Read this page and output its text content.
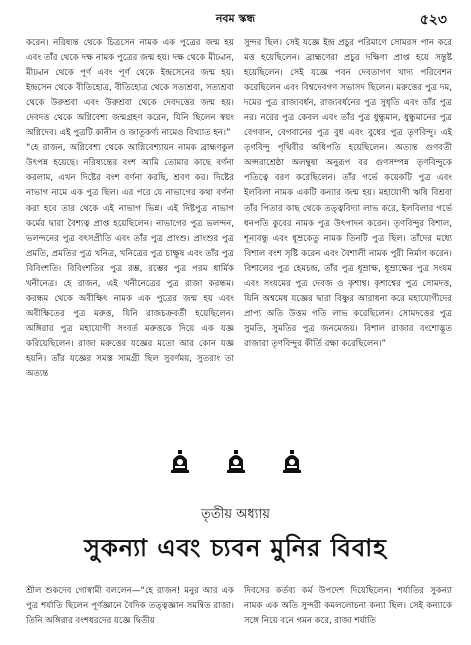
নবম স্কন্ধ	৫২৩

করেন। নরিষ্যন্ত থেকে চিত্রসেন নামক এক পুত্রের জন্ম হয় এবং তাঁর থেকে দক্ষ নামক পুত্রের জন্ম হয়। দক্ষ থেকে মীঢ্বান, মীঢ্বান থেকে পূর্ণ এবং পূর্ণ থেকে ইন্দ্রসেনের জন্ম হয়। ইন্দ্রসেন থেকে বীতিহোত্র, বীতিহোত্র থেকে সত্যশ্রবা, সত্যশ্রবা থেকে উরুশ্রবা এবং উরুশ্রবা থেকে দেবদত্তের জন্ম হয়। দেবদত্ত থেকে অগ্নিবেশ্য জন্মগ্রহণ করেন, যিনি ছিলেন স্বয়ং অগ্নিদেব। এই পুত্রটি কানীন ও জাতূকর্ণ্য নামেও বিখ্যাত হন।”

“হে রাজন, অগ্নিবেশ্য থেকে আগ্নিবেশ্যায়ন নামক ব্রাহ্মণকুল উৎপন্ন হয়েছে। নরিষ্যন্তের বংশ আমি তোমার কাছে বর্ণনা করলাম, এখন দিষ্টের বংশ বর্ণনা করছি, শ্রবণ কর। দিষ্টের নাভাগ নামে এক পুত্র ছিল। এর পরে যে নাভাগের কথা বর্ণনা করা হবে তার থেকে এই নাভাগ ভিন্ন। এই দিষ্টপুত্র নাভাগ কর্মের দ্বারা বৈশ্যত্ব প্রাপ্ত হয়েছিলেন। নাভাগের পুত্র ভলন্দন, ভলন্দনের পুত্র বৎসপ্রীতি এবং তাঁর পুত্র প্রাংশু। প্রাংশুর পুত্র প্রমতি, প্রমতির পুত্র খনিত্র, খনিত্রের পুত্র চাক্ষুষ এবং তাঁর পুত্র বিবিংশতি। বিবিংশতির পুত্র রম্ভ, রম্ভের পুত্র পরম ধার্মিক খনীনেত্র। হে রাজন, এই খনীনেত্রের পুত্র রাজা করন্ধম। করন্ধম থেকে অবীক্ষিৎ নামক এক পুত্রের জন্ম হয় এবং অবীক্ষিতের পুত্র মরুত্ত, যিনি রাজচক্রবর্তী হয়েছিলেন। অঙ্গিরার পুত্র মহাযোগী সংবর্ত মরুত্তকে দিয়ে এক যজ্ঞ করিয়েছিলেন। রাজা মরুত্তের যজ্ঞের মতো আর কোন যজ্ঞ হয়নি। তাঁর যজ্ঞের সমস্ত সামগ্রী ছিল সুবর্ণময়, সুতরাং তা অত্যন্ত

সুন্দর ছিল। সেই যজ্ঞে ইন্দ্র প্রচুর পরিমাণে সোমরস পান করে মত্ত হয়েছিলেন। ব্রাহ্মণেরা প্রচুর দক্ষিণা প্রাপ্ত হয়ে সন্তুষ্ট হয়েছিলেন। সেই যজ্ঞে পবন দেবতাগণ খাদ্য পরিবেশন করেছিলেন এবং বিশ্বদেবগণ সভাসদ ছিলেন। মরুত্তের পুত্র দম, দমের পুত্র রাজ্যবর্ধন, রাজ্যবর্ধনের পুত্র সুধৃতি এবং তাঁর পুত্র নর। নরের পুত্র কেবল এবং তাঁর পুত্র ধুন্ধুমান, ধুন্ধুমানের পুত্র বেগবান, বেগবানের পুত্র বুধ এবং বুধের পুত্র তৃণবিন্দু। এই তৃণবিন্দু পৃথিবীর অধিপতি হয়েছিলেন। অত্যন্ত গুণবতী অপ্সরাশ্রেষ্ঠা অলম্বুষা অনুরূপ বর গুণসম্পন্ন তৃণবিন্দুকে পতিত্বে বরণ করেছিলেন। তাঁর গর্ভে কয়েকটি পুত্র এবং ইলবিলা নামক একটি কন্যার জন্ম হয়। মহাযোগী ঋষি বিশ্রবা তাঁর পিতার কাছ থেকে তত্ত্ববিদ্যা লাভ করে, ইলবিলার গর্ভে ধনপতি কুবের নামক পুত্র উৎপাদন করেন। তৃণবিন্দুর বিশাল, শূন্যবন্ধু এবং ধূম্রকেতু নামক তিনটি পুত্র ছিল। তাঁদের মধ্যে বিশাল বংশ সৃষ্টি করেন এবং বৈশালী নামক পুরী নির্মাণ করেন। বিশালের পুত্র হেমচন্দ্র, তাঁর পুত্র ধূম্রাক্ষ, ধূম্রাক্ষের পুত্র সংযম এবং সংযমের পুত্র দেবজ ও কৃশাশ্ব। কৃশাশ্বের পুত্র সোমদত্ত, যিনি অশ্বমেধ যজ্ঞের দ্বারা বিষ্ণুর আরাধনা করে মহাযোগীদের প্রাপ্য অতি উত্তম গতি লাভ করেছিলেন। সোমদত্তের পুত্র সুমতি, সুমতির পুত্র জনমেজয়। বিশাল রাজার বংশোদ্ভূত রাজারা তৃণবিন্দুর কীর্তি রক্ষা করেছিলেন।”

তৃতীয় অধ্যায়
সুকন্যা এবং চ্যবন মুনির বিবাহ

শ্রীল শুকদেব গোস্বামী বললেন—“হে রাজন! মনুর আর এক পুত্র শর্যাতি ছিলেন পূর্ণজ্ঞানে বৈদিক তত্ত্বজ্ঞান সমন্বিত রাজা। তিনি অঙ্গিরার বংশধরদের যজ্ঞে দ্বিতীয়

দিবসের কর্তব্য কর্ম উপদেশ দিয়েছিলেন। শর্যাতির সুকন্যা নামক এক অতি সুন্দরী কমললোচনা কন্যা ছিল। সেই কন্যাকে সঙ্গে নিয়ে বনে গমন করে, রাজা শর্যাতি
